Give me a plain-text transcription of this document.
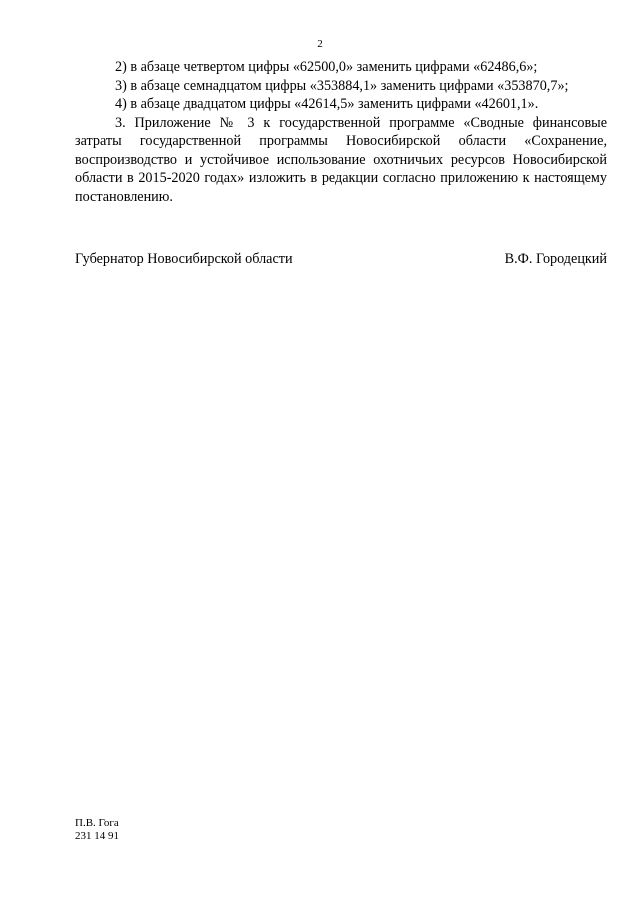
2
2) в абзаце четвертом цифры «62500,0» заменить цифрами «62486,6»;
3) в абзаце семнадцатом цифры «353884,1» заменить цифрами «353870,7»;
4) в абзаце двадцатом цифры «42614,5» заменить цифрами «42601,1».

3. Приложение № 3 к государственной программе «Сводные финансовые затраты государственной программы Новосибирской области «Сохранение, воспроизводство и устойчивое использование охотничьих ресурсов Новосибирской области в 2015-2020 годах» изложить в редакции согласно приложению к настоящему постановлению.

Губернатор Новосибирской области	В.Ф. Городецкий
П.В. Гога
231 14 91
